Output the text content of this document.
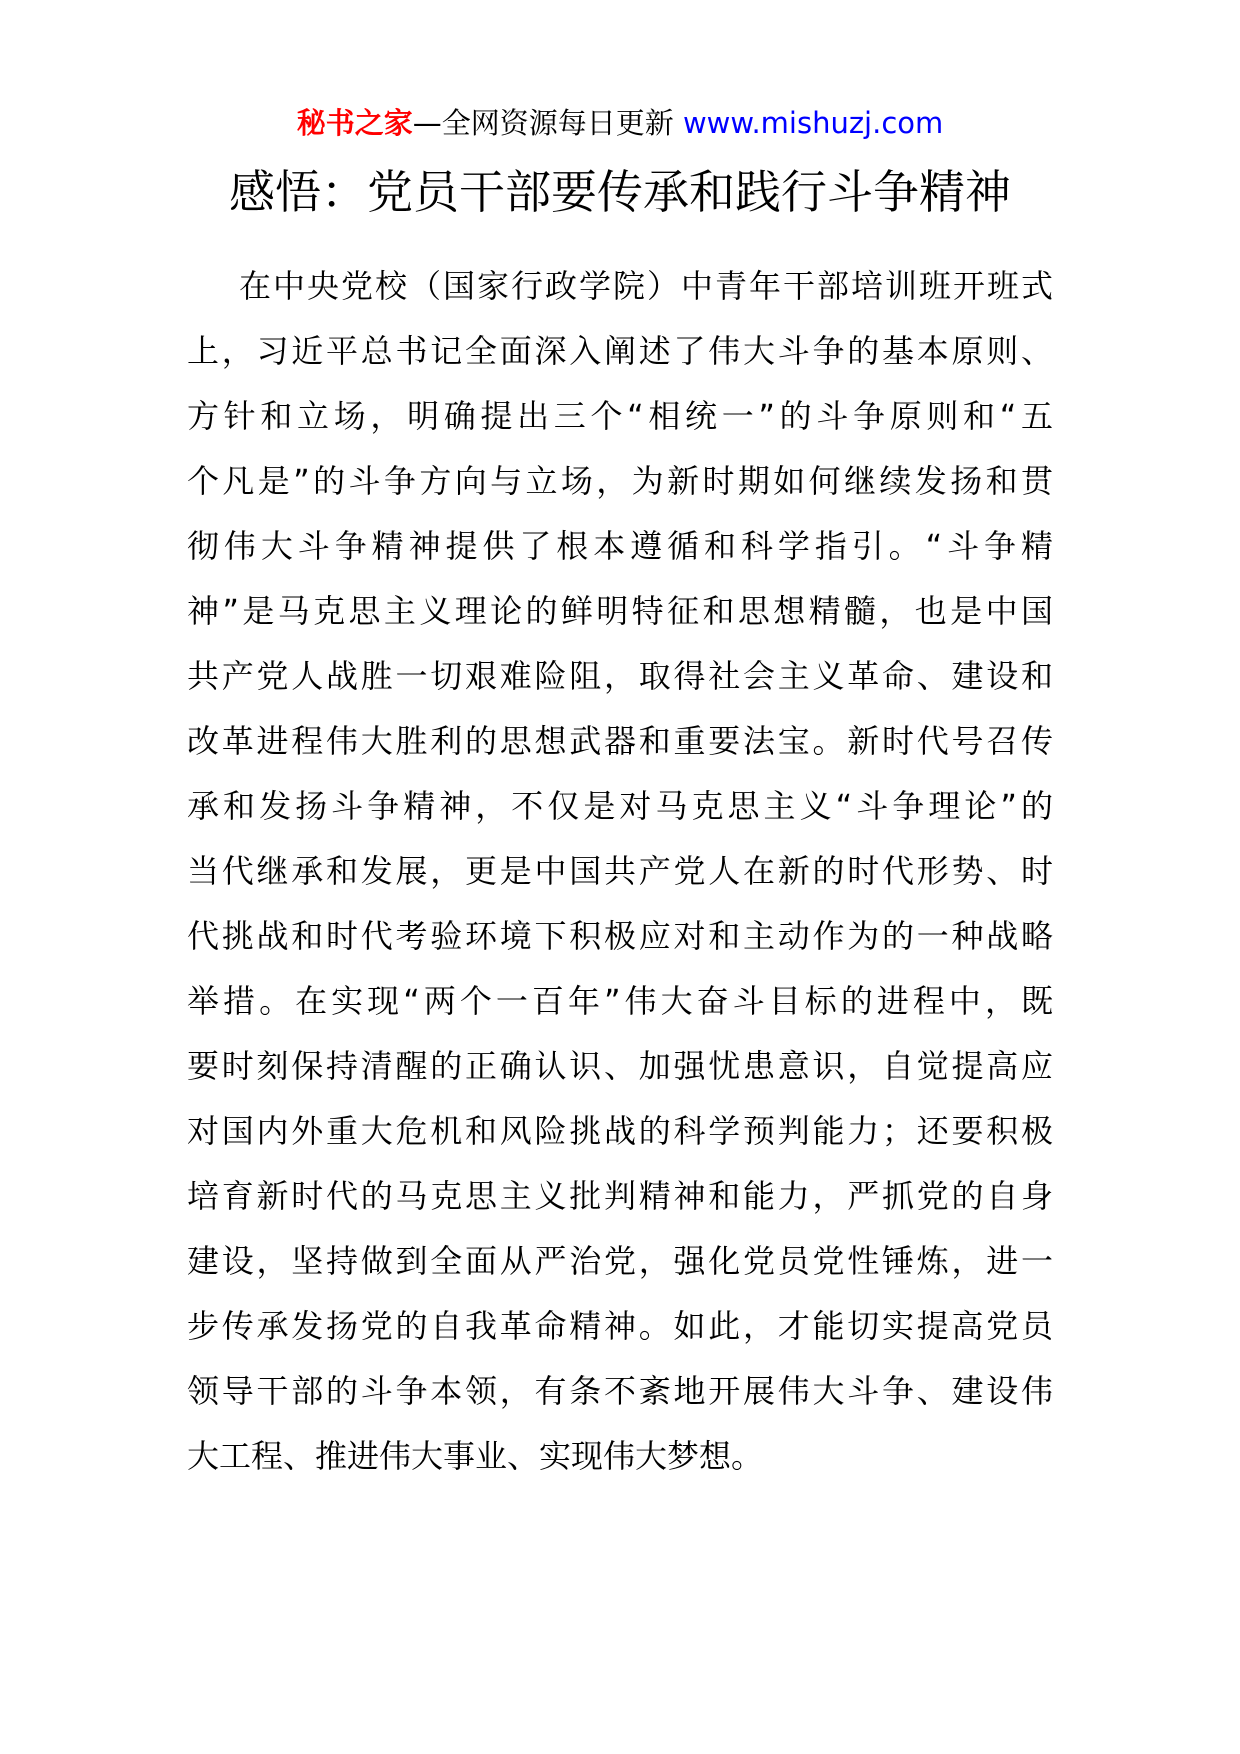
秘书之家—全网资源每日更新 www.mishuzj.com
感悟：党员干部要传承和践行斗争精神
在中央党校（国家行政学院）中青年干部培训班开班式
上，习近平总书记全面深入阐述了伟大斗争的基本原则、
方针和立场，明确提出三个“相统一”的斗争原则和“五
个凡是”的斗争方向与立场，为新时期如何继续发扬和贯
彻伟大斗争精神提供了根本遵循和科学指引。“斗争精
神”是马克思主义理论的鲜明特征和思想精髓，也是中国
共产党人战胜一切艰难险阻，取得社会主义革命、建设和
改革进程伟大胜利的思想武器和重要法宝。新时代号召传
承和发扬斗争精神，不仅是对马克思主义“斗争理论”的
当代继承和发展，更是中国共产党人在新的时代形势、时
代挑战和时代考验环境下积极应对和主动作为的一种战略
举措。在实现“两个一百年”伟大奋斗目标的进程中，既
要时刻保持清醒的正确认识、加强忧患意识，自觉提高应
对国内外重大危机和风险挑战的科学预判能力；还要积极
培育新时代的马克思主义批判精神和能力，严抓党的自身
建设，坚持做到全面从严治党，强化党员党性锤炼，进一
步传承发扬党的自我革命精神。如此，才能切实提高党员
领导干部的斗争本领，有条不紊地开展伟大斗争、建设伟
大工程、推进伟大事业、实现伟大梦想。
